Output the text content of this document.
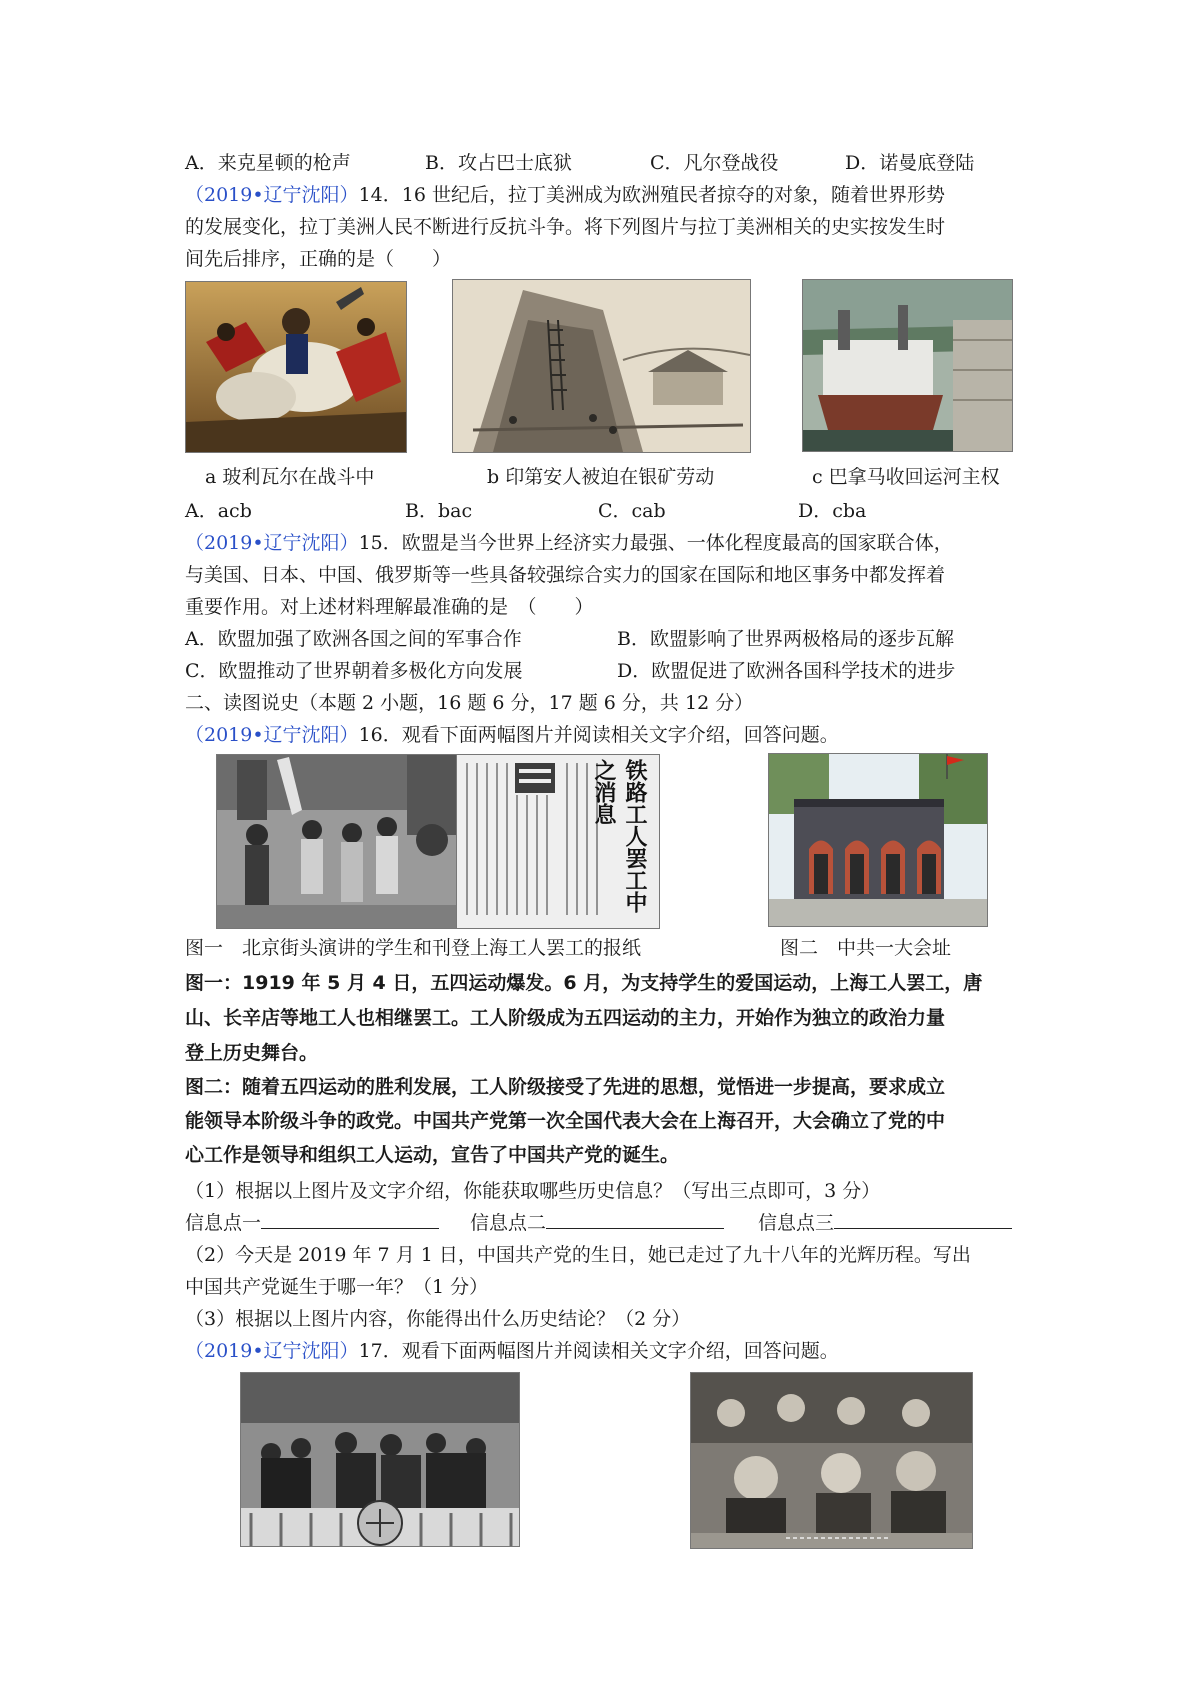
A．来克星顿的枪声	B．攻占巴士底狱	C．凡尔登战役	D．诺曼底登陆
（2019•辽宁沈阳）14．16 世纪后，拉丁美洲成为欧洲殖民者掠夺的对象，随着世界形势
的发展变化，拉丁美洲人民不断进行反抗斗争。将下列图片与拉丁美洲相关的史实按发生时
间先后排序，正确的是（　　）
a 玻利瓦尔在战斗中	b 印第安人被迫在银矿劳动	c 巴拿马收回运河主权
A．acb	B．bac	C．cab	D．cba
（2019•辽宁沈阳）15．欧盟是当今世界上经济实力最强、一体化程度最高的国家联合体，
与美国、日本、中国、俄罗斯等一些具备较强综合实力的国家在国际和地区事务中都发挥着
重要作用。对上述材料理解最准确的是　（　　）
A．欧盟加强了欧洲各国之间的军事合作	B．欧盟影响了世界两极格局的逐步瓦解
C．欧盟推动了世界朝着多极化方向发展	D．欧盟促进了欧洲各国科学技术的进步
二、读图说史（本题 2 小题，16 题 6 分，17 题 6 分，共 12 分）
（2019•辽宁沈阳）16．观看下面两幅图片并阅读相关文字介绍，回答问题。
铁路工人罢工中之消息
图一　北京街头演讲的学生和刊登上海工人罢工的报纸	图二　中共一大会址
图一：1919 年 5 月 4 日，五四运动爆发。6 月，为支持学生的爱国运动，上海工人罢工，唐
山、长辛店等地工人也相继罢工。工人阶级成为五四运动的主力，开始作为独立的政治力量
登上历史舞台。
图二：随着五四运动的胜利发展，工人阶级接受了先进的思想，觉悟进一步提高，要求成立
能领导本阶级斗争的政党。中国共产党第一次全国代表大会在上海召开，大会确立了党的中
心工作是领导和组织工人运动，宣告了中国共产党的诞生。
（1）根据以上图片及文字介绍，你能获取哪些历史信息？（写出三点即可，3 分）
信息点一	信息点二	信息点三
（2）今天是 2019 年 7 月 1 日，中国共产党的生日，她已走过了九十八年的光辉历程。写出
中国共产党诞生于哪一年？（1 分）
（3）根据以上图片内容，你能得出什么历史结论？（2 分）
（2019•辽宁沈阳）17．观看下面两幅图片并阅读相关文字介绍，回答问题。
